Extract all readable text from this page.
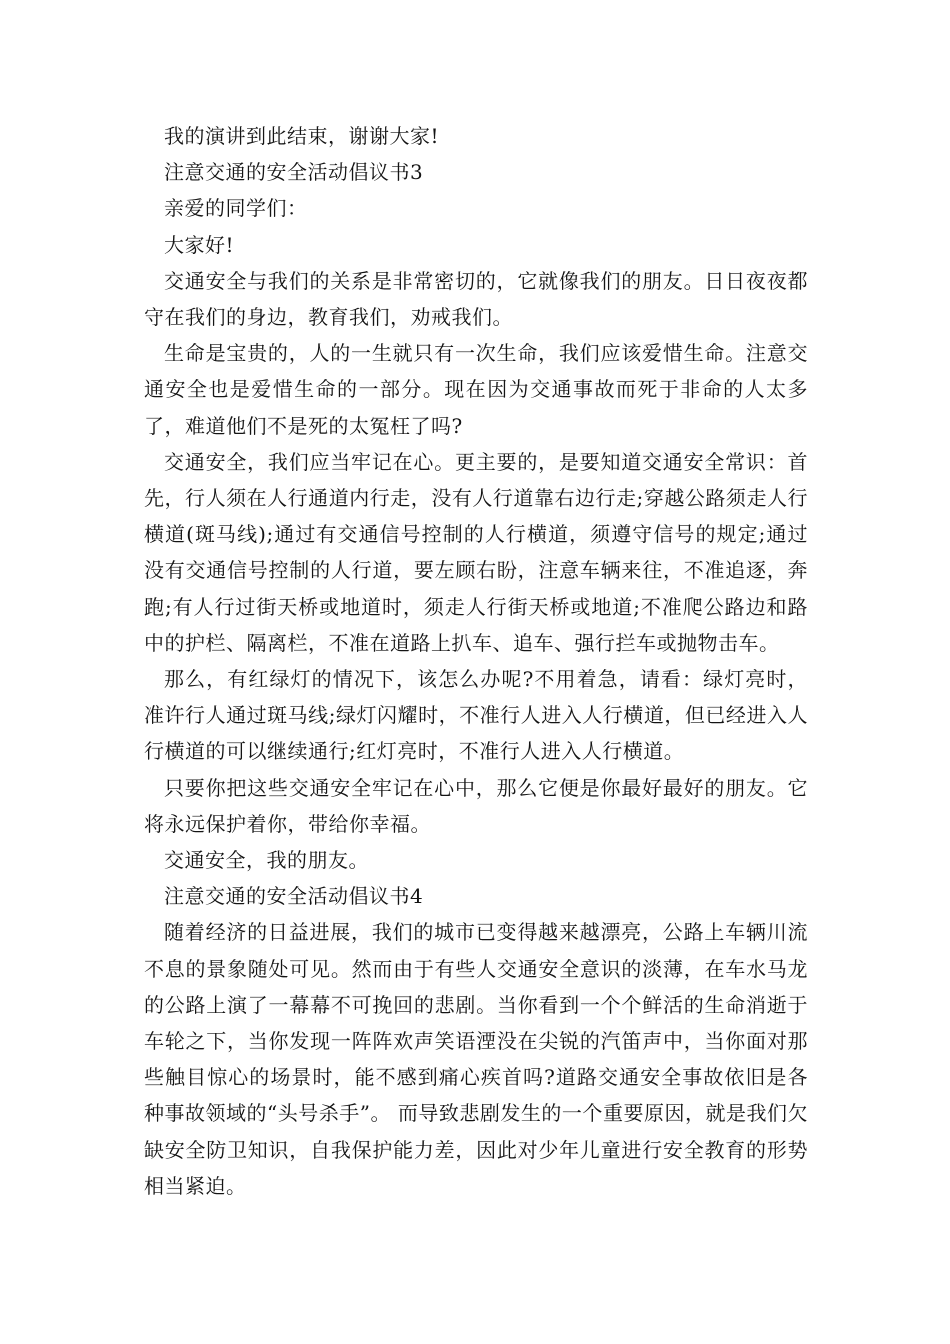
我的演讲到此结束，谢谢大家!

注意交通的安全活动倡议书3

亲爱的同学们：

大家好!

交通安全与我们的关系是非常密切的，它就像我们的朋友。日日夜夜都守在我们的身边，教育我们，劝戒我们。

生命是宝贵的，人的一生就只有一次生命，我们应该爱惜生命。注意交通安全也是爱惜生命的一部分。现在因为交通事故而死于非命的人太多了，难道他们不是死的太冤枉了吗?

交通安全，我们应当牢记在心。更主要的，是要知道交通安全常识：首先，行人须在人行通道内行走，没有人行道靠右边行走;穿越公路须走人行横道(斑马线);通过有交通信号控制的人行横道，须遵守信号的规定;通过没有交通信号控制的人行道，要左顾右盼，注意车辆来往，不准追逐，奔跑;有人行过街天桥或地道时，须走人行街天桥或地道;不准爬公路边和路中的护栏、隔离栏，不准在道路上扒车、追车、强行拦车或抛物击车。

那么，有红绿灯的情况下，该怎么办呢?不用着急，请看：绿灯亮时，准许行人通过斑马线;绿灯闪耀时，不准行人进入人行横道，但已经进入人行横道的可以继续通行;红灯亮时，不准行人进入人行横道。

只要你把这些交通安全牢记在心中，那么它便是你最好最好的朋友。它将永远保护着你，带给你幸福。

交通安全，我的朋友。

注意交通的安全活动倡议书4

随着经济的日益进展，我们的城市已变得越来越漂亮，公路上车辆川流不息的景象随处可见。然而由于有些人交通安全意识的淡薄，在车水马龙的公路上演了一幕幕不可挽回的悲剧。当你看到一个个鲜活的生命消逝于车轮之下，当你发现一阵阵欢声笑语湮没在尖锐的汽笛声中，当你面对那些触目惊心的场景时，能不感到痛心疾首吗?道路交通安全事故依旧是各种事故领域的“头号杀手”。 而导致悲剧发生的一个重要原因，就是我们欠缺安全防卫知识，自我保护能力差，因此对少年儿童进行安全教育的形势相当紧迫。
